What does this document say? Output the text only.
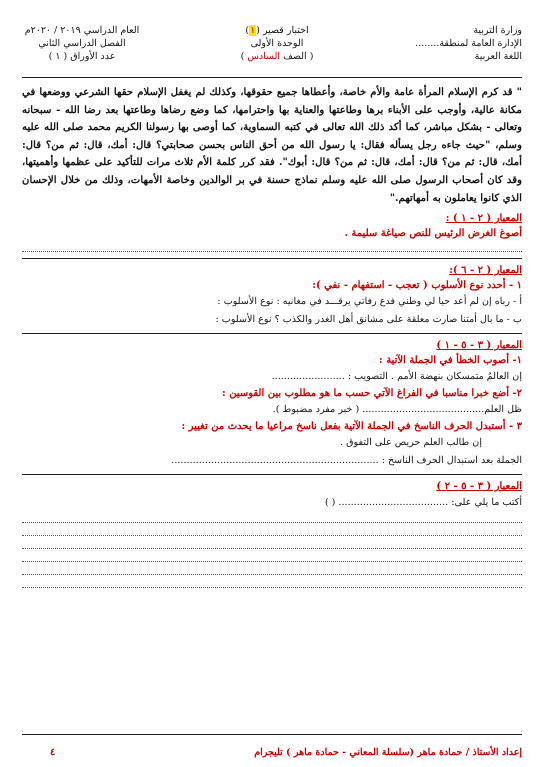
وزارة التربية
الإدارة العامة لمنطقة........
اللغة العربية
اختبار قصير (١)
الوحدة الأولى
( الصف السادس )
العام الدراسي ٢٠١٩ / ٢٠٢٠م
الفصل الدراسي الثاني
عدد الأوراق ( ١ )
" قد كرم الإسلام المرأة عامة والأم خاصة، وأعطاها جميع حقوقها، وكذلك لم يغفل الإسلام حقها الشرعي ووضعها في مكانة عالية، وأوجب على الأبناء برها وطاعتها والعناية بها واحترامها، كما وضع رضاها وطاعتها بعد رضا الله - سبحانه وتعالى - بشكل مباشر، كما أكد ذلك الله تعالى في كتبه السماوية، كما أوصى بها رسولنا الكريم محمد صلى الله عليه وسلم، "حيث جاءه رجل يسأله فقال: يا رسول الله من أحق الناس بحسن صحابتي؟ قال: أمك، قال: ثم من؟ قال: أمك، قال: ثم من؟ قال: أمك، قال: ثم من؟ قال: أبوك". فقد كرر كلمة الأم ثلاث مرات للتأكيد على عظمها وأهميتها، وقد كان أصحاب الرسول صلى الله عليه وسلم نماذج حسنة في بر الوالدين وخاصة الأمهات، وذلك من خلال الإحسان الذي كانوا يعاملون به أمهاتهم."
المعيار ( ٢ - ١ ) :
أصوغ الغرض الرئيس للنص صياغة سليمة .
المعيار ( ٢ - ٦ ):
١ - أحدد نوع الأسلوب ( تعجب - استفهام - نفي ):
أ - رباه إن لم أعد حيا لي وطني فدع رفاتي يرقـــد في مغانيه : نوع الأسلوب :
ب - ما بال أمتنا صارت معلقة على مشانق أهل الغدر والكذب ؟ نوع الأسلوب :
المعيار ( ٣ - ٥ - ١ )
١- أصوب الخطأ في الجملة الآتية :
إن العالمُ متمسكان بنهضة الأمم . التصويب : ........................
٢- أضع خبرا مناسبا في الفراغ الآتي حسب ما هو مطلوب بين القوسين :
ظل العلم........................................ ( خبر مفرد مضبوط ).
٣ - أستبدل الحرف الناسخ في الجملة الآتية بفعل ناسخ مراعيا ما يحدث من تغيير :
إن طالب العلم حريص على التفوق .
الجملة بعد استبدال الحرف الناسخ : ....................................................................
المعيار ( ٣ - ٥ - ٢ )
أكتب ما يلي على: .................................... ( )
إعداد الأستاذ / حمادة ماهر (سلسلة المعاني - حمادة ماهر ) تليجرام
٤
